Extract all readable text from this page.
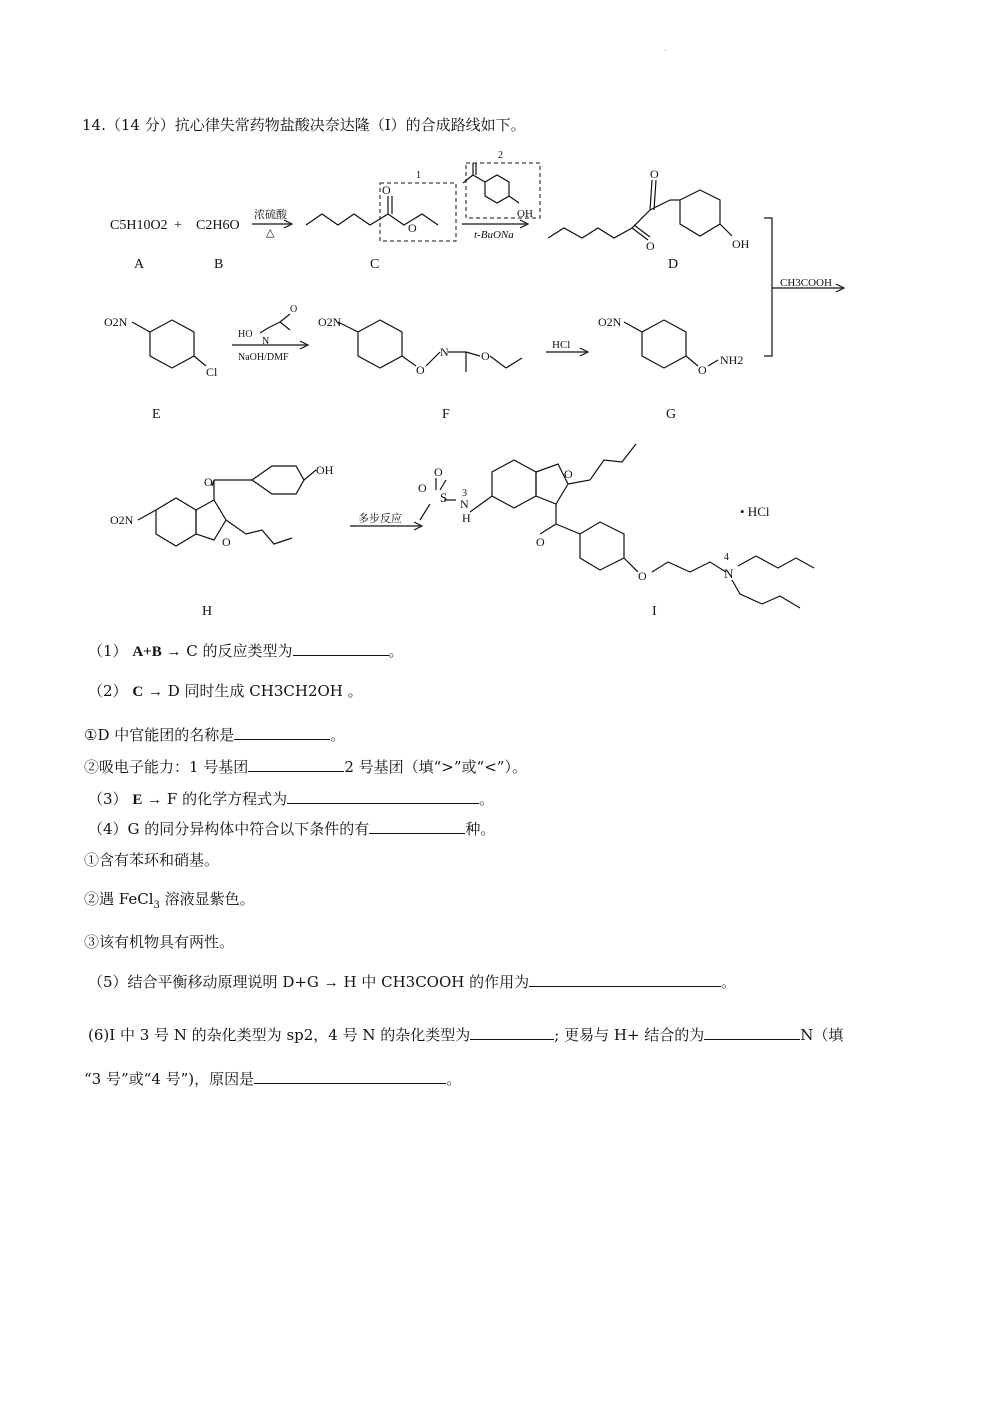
.
14.（14 分）抗心律失常药物盐酸决奈达隆（I）的合成路线如下。
C5H10O2 + C2H6O
浓硫酸
△
1
2
O
O
OH
t-BuONa
O
O	OH
CH3COOH
O2N
Cl
HO
N
O
NaOH/DMF
O2N
O
N	O
HCl
O2N
O
NH2
O2N
O
OH
O
多步反应
O
O
S 3
N
H
O
O
O
4
N
• HCl
A	B	C	D
E	F	G
H	I
（1） A+B → C 的反应类型为	。
（2） C → D 同时生成 CH3CH2OH 。
①D 中官能团的名称是	。
②吸电子能力：1 号基团	2 号基团（填“>”或“<”）。
（3） E → F 的化学方程式为	。
（4）G 的同分异构体中符合以下条件的有	种。
①含有苯环和硝基。
②遇 FeCl$_3$ 溶液显紫色。
③该有机物具有两性。
（5）结合平衡移动原理说明 D+G → H 中 CH3COOH 的作用为	。
(6)I 中 3 号 N 的杂化类型为 sp2，4 号 N 的杂化类型为	; 更易与 H+ 结合的为	N（填
“3 号”或“4 号”)，原因是	。
